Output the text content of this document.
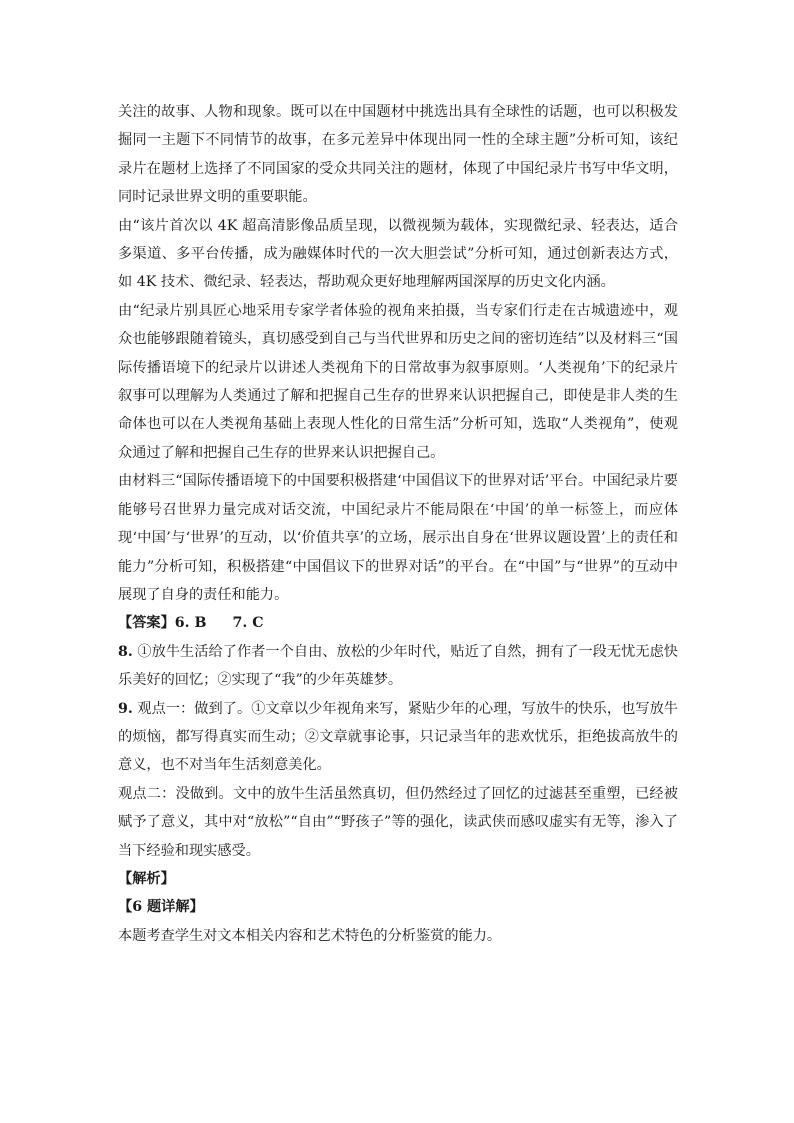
关注的故事、人物和现象。既可以在中国题材中挑选出具有全球性的话题，也可以积极发掘同一主题下不同情节的故事，在多元差异中体现出同一性的全球主题”分析可知，该纪录片在题材上选择了不同国家的受众共同关注的题材，体现了中国纪录片书写中华文明，同时记录世界文明的重要职能。

由“该片首次以 4K 超高清影像品质呈现，以微视频为载体，实现微纪录、轻表达，适合多渠道、多平台传播，成为融媒体时代的一次大胆尝试”分析可知，通过创新表达方式，如 4K 技术、微纪录、轻表达，帮助观众更好地理解两国深厚的历史文化内涵。

由“纪录片别具匠心地采用专家学者体验的视角来拍摄，当专家们行走在古城遗迹中，观众也能够跟随着镜头，真切感受到自己与当代世界和历史之间的密切连结”以及材料三“国际传播语境下的纪录片以讲述人类视角下的日常故事为叙事原则。‘人类视角’下的纪录片叙事可以理解为人类通过了解和把握自己生存的世界来认识把握自己，即使是非人类的生命体也可以在人类视角基础上表现人性化的日常生活”分析可知，选取“人类视角”，使观众通过了解和把握自己生存的世界来认识把握自己。

由材料三“国际传播语境下的中国要积极搭建‘中国倡议下的世界对话’平台。中国纪录片要能够号召世界力量完成对话交流，中国纪录片不能局限在‘中国’的单一标签上，而应体现‘中国’与‘世界’的互动，以‘价值共享’的立场，展示出自身在‘世界议题设置’上的责任和能力”分析可知，积极搭建“中国倡议下的世界对话”的平台。在“中国”与“世界”的互动中展现了自身的责任和能力。

【答案】6. B 7. C

8. ①放牛生活给了作者一个自由、放松的少年时代，贴近了自然，拥有了一段无忧无虑快乐美好的回忆；②实现了“我”的少年英雄梦。

9. 观点一：做到了。①文章以少年视角来写，紧贴少年的心理，写放牛的快乐，也写放牛的烦恼，都写得真实而生动；②文章就事论事，只记录当年的悲欢忧乐，拒绝拔高放牛的意义，也不对当年生活刻意美化。

观点二：没做到。文中的放牛生活虽然真切，但仍然经过了回忆的过滤甚至重塑，已经被赋予了意义，其中对“放松”“自由”“野孩子”等的强化，读武侠而感叹虚实有无等，渗入了当下经验和现实感受。

【解析】

【6 题详解】

本题考查学生对文本相关内容和艺术特色的分析鉴赏的能力。
